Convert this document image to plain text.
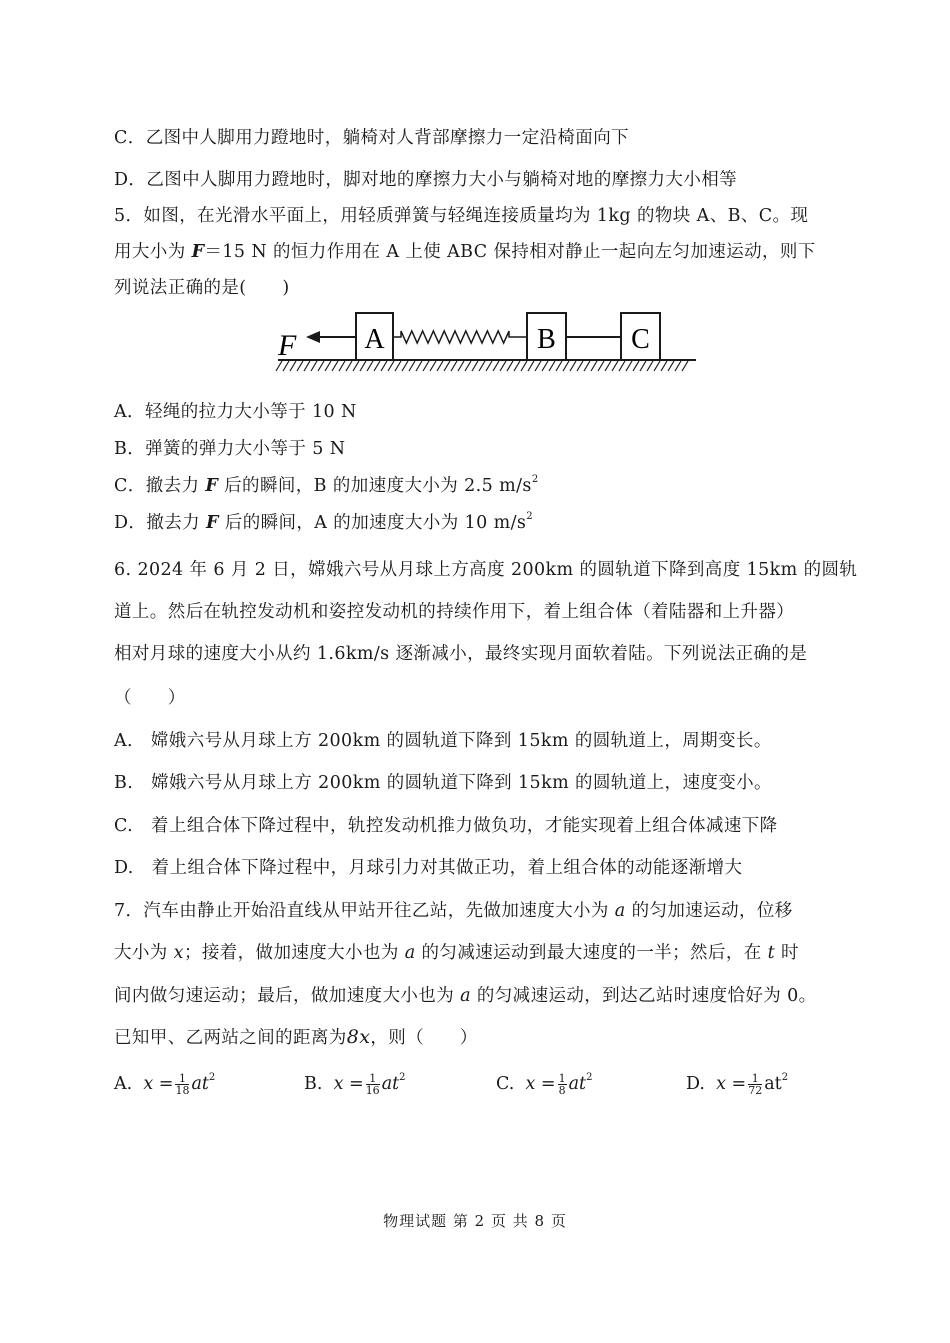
C．乙图中人脚用力蹬地时，躺椅对人背部摩擦力一定沿椅面向下
D．乙图中人脚用力蹬地时，脚对地的摩擦力大小与躺椅对地的摩擦力大小相等
5．如图，在光滑水平面上，用轻质弹簧与轻绳连接质量均为 1kg 的物块 A、B、C。现
用大小为 F＝15 N 的恒力作用在 A 上使 ABC 保持相对静止一起向左匀加速运动，则下
列说法正确的是(　　)
F A	B	C
A．轻绳的拉力大小等于 10 N
B．弹簧的弹力大小等于 5 N
C．撤去力 F 后的瞬间，B 的加速度大小为 2.5 $m/s^2$
D．撤去力 F 后的瞬间，A 的加速度大小为 10 $m/s^2$
6. 2024 年 6 月 2 日，嫦娥六号从月球上方高度 200km 的圆轨道下降到高度 15km 的圆轨
道上。然后在轨控发动机和姿控发动机的持续作用下，着上组合体（着陆器和上升器）
相对月球的速度大小从约 1.6km/s 逐渐减小，最终实现月面软着陆。下列说法正确的是
（　　）
A.　嫦娥六号从月球上方 200km 的圆轨道下降到 15km 的圆轨道上，周期变长。
B.　嫦娥六号从月球上方 200km 的圆轨道下降到 15km 的圆轨道上，速度变小。
C.　着上组合体下降过程中，轨控发动机推力做负功，才能实现着上组合体减速下降
D.　着上组合体下降过程中，月球引力对其做正功，着上组合体的动能逐渐增大
7．汽车由静止开始沿直线从甲站开往乙站，先做加速度大小为 a 的匀加速运动，位移
大小为 x；接着，做加速度大小也为 a 的匀减速运动到最大速度的一半；然后，在 t 时
间内做匀速运动；最后，做加速度大小也为 a 的匀减速运动，到达乙站时速度恰好为 0。
已知甲、乙两站之间的距离为8x，则（　　）
A. $x = \frac{1}{18} at^2$	B. $x = \frac{1}{16} at^2$	C. $x = \frac{1}{8} at^2$	D. $x = \frac{1}{72} at^2$
物理试题 第 2 页 共 8 页
